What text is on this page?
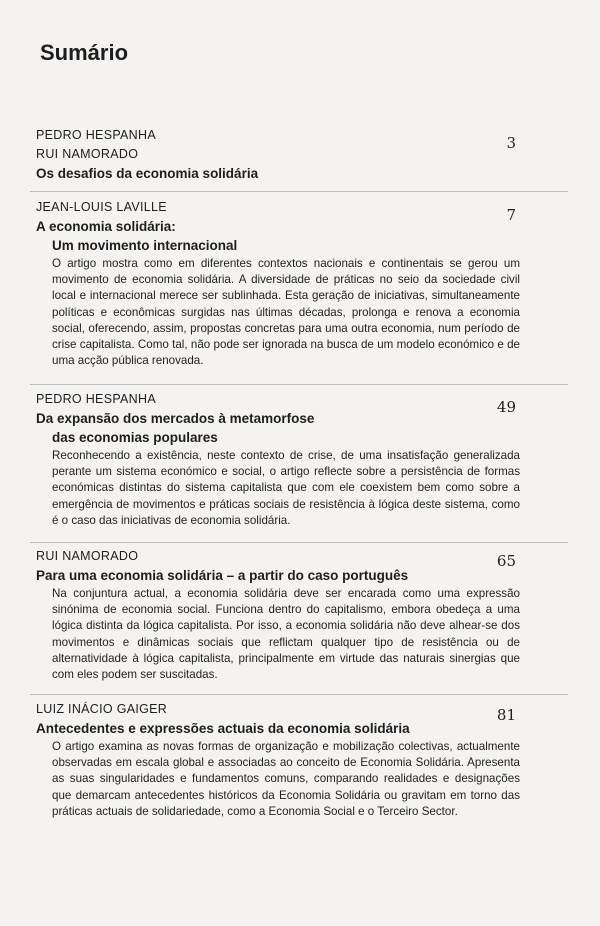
Sumário
PEDRO HESPANHA
RUI NAMORADO
Os desafios da economia solidária
3
JEAN-LOUIS LAVILLE
A economia solidária:
Um movimento internacional

O artigo mostra como em diferentes contextos nacionais e continentais se gerou um movimento de economia solidária. A diversidade de práticas no seio da sociedade civil local e internacional merece ser sublinhada. Esta geração de iniciativas, simultaneamente políticas e econômicas surgidas nas últimas décadas, prolonga e renova a economia social, oferecendo, assim, propostas concretas para uma outra economia, num período de crise capitalista. Como tal, não pode ser ignorada na busca de um modelo económico e de uma acção pública renovada.

7
PEDRO HESPANHA
Da expansão dos mercados à metamorfose
das economias populares

Reconhecendo a existência, neste contexto de crise, de uma insatisfação generalizada perante um sistema económico e social, o artigo reflecte sobre a persistência de formas económicas distintas do sistema capitalista que com ele coexistem bem como sobre a emergência de movimentos e práticas sociais de resistência à lógica deste sistema, como é o caso das iniciativas de economia solidária.

49
RUI NAMORADO
Para uma economia solidária – a partir do caso português

Na conjuntura actual, a economia solidária deve ser encarada como uma expressão sinónima de economia social. Funciona dentro do capitalismo, embora obedeça a uma lógica distinta da lógica capitalista. Por isso, a economia solidária não deve alhear-se dos movimentos e dinâmicas sociais que reflictam qualquer tipo de resistência ou de alternatividade à lógica capitalista, principalmente em virtude das naturais sinergias que com eles podem ser suscitadas.

65
LUIZ INÁCIO GAIGER
Antecedentes e expressões actuais da economia solidária

O artigo examina as novas formas de organização e mobilização colectivas, actualmente observadas em escala global e associadas ao conceito de Economia Solidária. Apresenta as suas singularidades e fundamentos comuns, comparando realidades e designações que demarcam antecedentes históricos da Economia Solidária ou gravitam em torno das práticas actuais de solidariedade, como a Economia Social e o Terceiro Sector.

81
